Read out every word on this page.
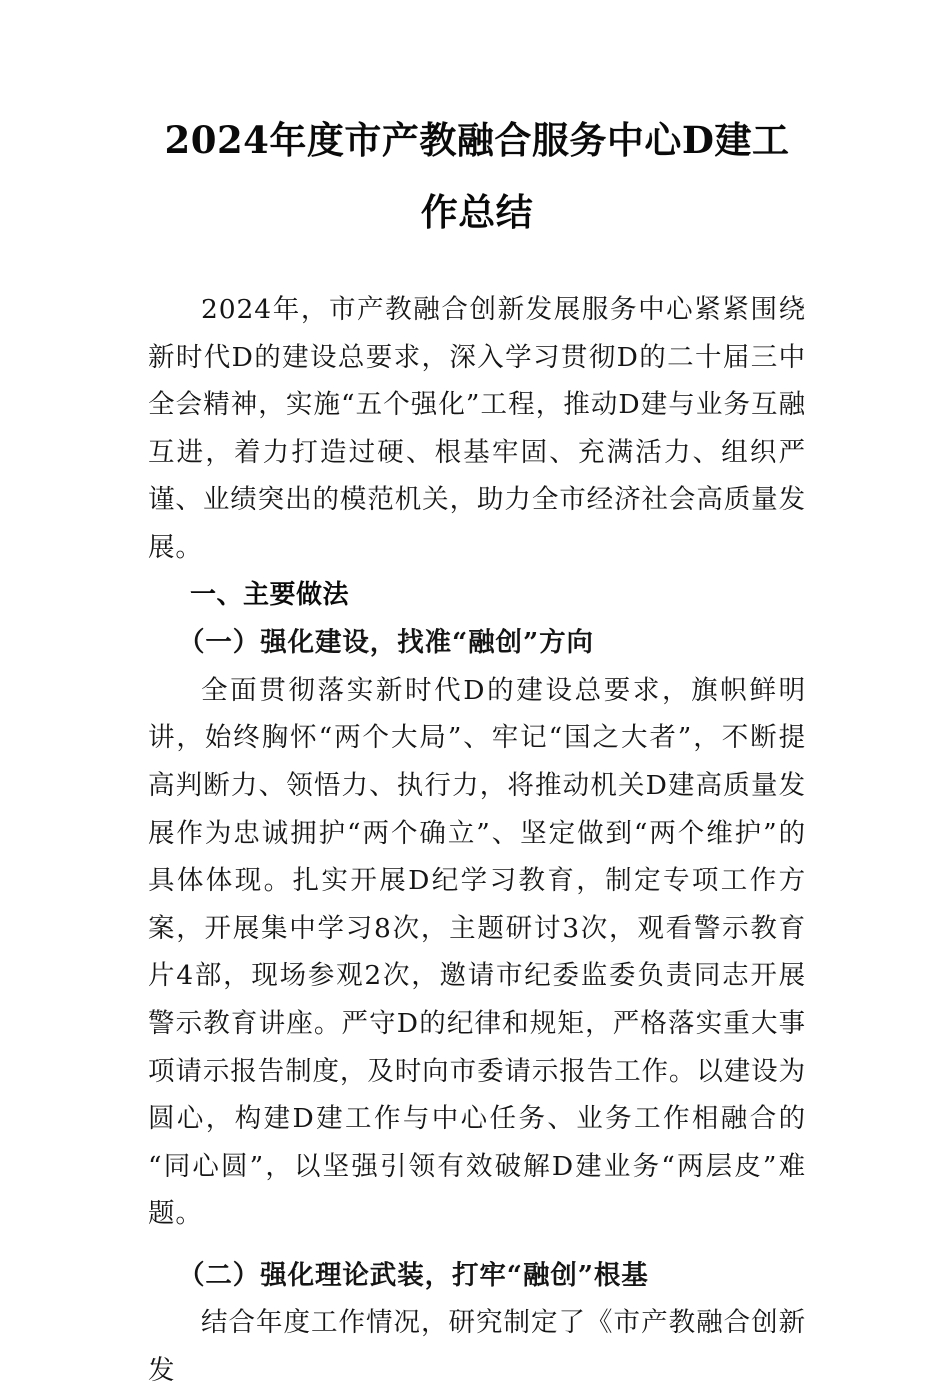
2024年度市产教融合服务中心D建工作总结

2024年，市产教融合创新发展服务中心紧紧围绕新时代D的建设总要求，深入学习贯彻D的二十届三中全会精神，实施“五个强化”工程，推动D建与业务互融互进，着力打造过硬、根基牢固、充满活力、组织严谨、业绩突出的模范机关，助力全市经济社会高质量发展。

一、主要做法
（一）强化建设，找准“融创”方向

全面贯彻落实新时代D的建设总要求，旗帜鲜明讲，始终胸怀“两个大局”、牢记“国之大者”，不断提高判断力、领悟力、执行力，将推动机关D建高质量发展作为忠诚拥护“两个确立”、坚定做到“两个维护”的具体体现。扎实开展D纪学习教育，制定专项工作方案，开展集中学习8次，主题研讨3次，观看警示教育片4部，现场参观2次，邀请市纪委监委负责同志开展警示教育讲座。严守D的纪律和规矩，严格落实重大事项请示报告制度，及时向市委请示报告工作。以建设为圆心，构建D建工作与中心任务、业务工作相融合的“同心圆”，以坚强引领有效破解D建业务“两层皮”难题。

（二）强化理论武装，打牢“融创”根基

结合年度工作情况，研究制定了《市产教融合创新发
